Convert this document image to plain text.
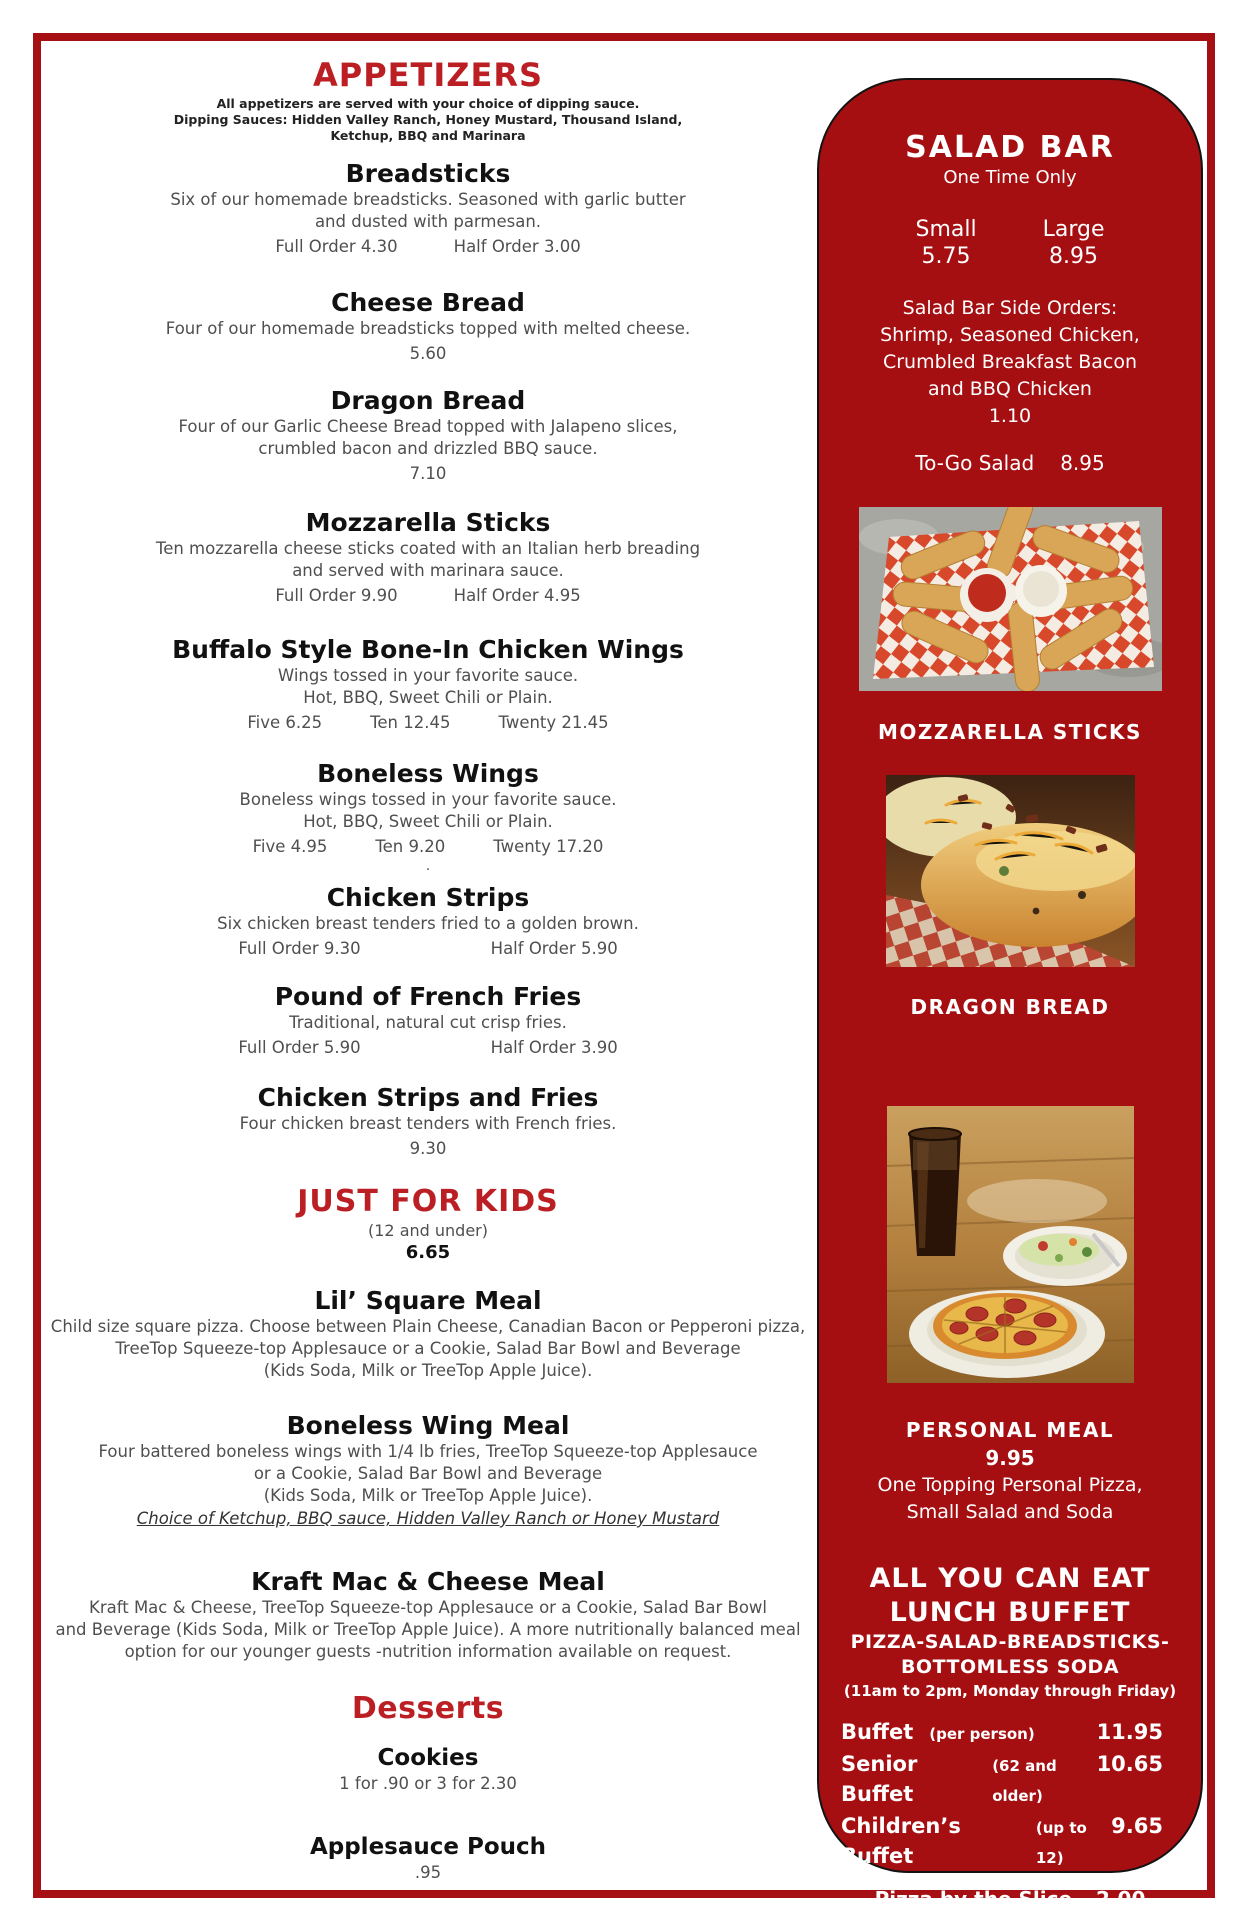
APPETIZERS
All appetizers are served with your choice of dipping sauce.
Dipping Sauces: Hidden Valley Ranch, Honey Mustard, Thousand Island,
Ketchup, BBQ and Marinara
Breadsticks
Six of our homemade breadsticks. Seasoned with garlic butter
and dusted with parmesan.
Full Order 4.30	Half Order 3.00
Cheese Bread
Four of our homemade breadsticks topped with melted cheese.
5.60
Dragon Bread
Four of our Garlic Cheese Bread topped with Jalapeno slices,
crumbled bacon and drizzled BBQ sauce.
7.10
Mozzarella Sticks
Ten mozzarella cheese sticks coated with an Italian herb breading
and served with marinara sauce.
Full Order 9.90	Half Order 4.95
Buffalo Style Bone-In Chicken Wings
Wings tossed in your favorite sauce.
Hot, BBQ, Sweet Chili or Plain.
Five 6.25	Ten 12.45	Twenty 21.45
Boneless Wings
Boneless wings tossed in your favorite sauce.
Hot, BBQ, Sweet Chili or Plain.
Five 4.95	Ten 9.20	Twenty 17.20
.
Chicken Strips
Six chicken breast tenders fried to a golden brown.
Full Order 9.30	Half Order 5.90
Pound of French Fries
Traditional, natural cut crisp fries.
Full Order 5.90	Half Order 3.90
Chicken Strips and Fries
Four chicken breast tenders with French fries.
9.30
JUST FOR KIDS
(12 and under)
6.65
Lil’ Square Meal
Child size square pizza. Choose between Plain Cheese, Canadian Bacon or Pepperoni pizza,
TreeTop Squeeze-top Applesauce or a Cookie, Salad Bar Bowl and Beverage
(Kids Soda, Milk or TreeTop Apple Juice).
Boneless Wing Meal
Four battered boneless wings with 1/4 lb fries, TreeTop Squeeze-top Applesauce
or a Cookie, Salad Bar Bowl and Beverage
(Kids Soda, Milk or TreeTop Apple Juice).
Choice of Ketchup, BBQ sauce, Hidden Valley Ranch or Honey Mustard
Kraft Mac & Cheese Meal
Kraft Mac & Cheese, TreeTop Squeeze-top Applesauce or a Cookie, Salad Bar Bowl
and Beverage (Kids Soda, Milk or TreeTop Apple Juice). A more nutritionally balanced meal
option for our younger guests -nutrition information available on request.
Desserts
Cookies
1 for .90 or 3 for 2.30
Applesauce Pouch
.95
SALAD BAR
One Time Only
Small
5.75
Large
8.95
Salad Bar Side Orders:
Shrimp, Seasoned Chicken,
Crumbled Breakfast Bacon
and BBQ Chicken
1.10
To-Go Salad 8.95
MOZZARELLA STICKS
DRAGON BREAD
PERSONAL MEAL
9.95
One Topping Personal Pizza,
Small Salad and Soda
ALL YOU CAN EAT
LUNCH BUFFET
PIZZA-SALAD-BREADSTICKS-
BOTTOMLESS SODA
(11am to 2pm, Monday through Friday)
Buffet (per person)	11.95
Senior Buffet
(62 and older)
10.65
Children’s Buffet
(up to 12)
9.65
Pizza by the Slice 2.00
